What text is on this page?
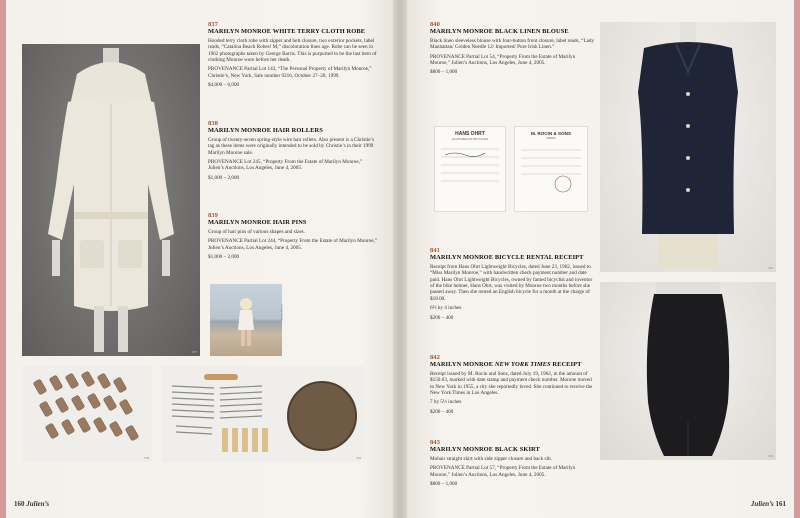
837
837
MARILYN MONROE WHITE TERRY CLOTH ROBE

Hooded terry cloth robe with zipper and belt closure, two exterior pockets, label reads, “Catalina Beach Robes! M,” discoloration lines age. Robe can be seen in 1962 photographs taken by George Barris. This is purported to be the last item of clothing Monroe wore before her death.

PROVENANCE Partial Lot 143, “The Personal Property of Marilyn Monroe,” Christie’s, New York, Sale number 9216, October 27–28, 1999.

$4,000 – 6,000

838
MARILYN MONROE HAIR ROLLERS

Group of twenty-seven spring-style wire hair rollers. Also present is a Christie’s tag as these items were originally intended to be sold by Christie’s in their 1999 Marilyn Monroe sale.

PROVENANCE Lot 245, “Property From the Estate of Marilyn Monroe,” Julien’s Auctions, Los Angeles, June 4, 2005.

$1,000 – 2,000

839
MARILYN MONROE HAIR PINS

Group of hair pins of various shapes and sizes.

PROVENANCE Partial Lot 244, “Property From the Estate of Marilyn Monroe,” Julien’s Auctions, Los Angeles, June 4, 2005.

$1,000 – 2,000

George Barris
838	839
160 Julien’s
840
MARILYN MONROE BLACK LINEN BLOUSE

Black linen sleeveless blouse with four-button front closure, label reads, “Lady Manhattan/ Golden Needle 12/ Imported/ Pure Irish Linen.”

PROVENANCE Partial Lot 54, “Property From the Estate of Marilyn Monroe,” Julien’s Auctions, Los Angeles, June 4, 2005.

$800 – 1,000

HANS OHRT
LIGHTWEIGHT BICYCLES
M. ROCIN & SONS
NEWS
841
MARILYN MONROE BICYCLE RENTAL RECEIPT

Receipt from Hans Ohrt Lightweight Bicycles, dated June 23, 1962, issued to “Miss Marilyn Monroe,” with handwritten check payment number and date paid. Hans Ohrt Lightweight Bicycles, owned by famed bicyclist and inventor of the bike helmet, Hans Ohrt, was visited by Monroe two months before she passed away. Then she rented an English bicycle for a month at the charge of $18.00.

6½ by 4 inches

$200 – 400

842
MARILYN MONROE NEW YORK TIMES RECEIPT

Receipt issued by M. Rocin and Sons, dated July 19, 1962, in the amount of $150.03, marked with date stamp and payment check number. Monroe moved to New York in 1955, a city she reportedly loved. She continued to receive the New York Times in Los Angeles.

7 by 5½ inches

$200 – 400

843
MARILYN MONROE BLACK SKIRT

Mohair straight skirt with side zipper closure and back slit.

PROVENANCE Partial Lot 57, “Property From the Estate of Marilyn Monroe,” Julien’s Auctions, Los Angeles, June 4, 2005.

$800 – 1,000

840
843
Julien’s 161
